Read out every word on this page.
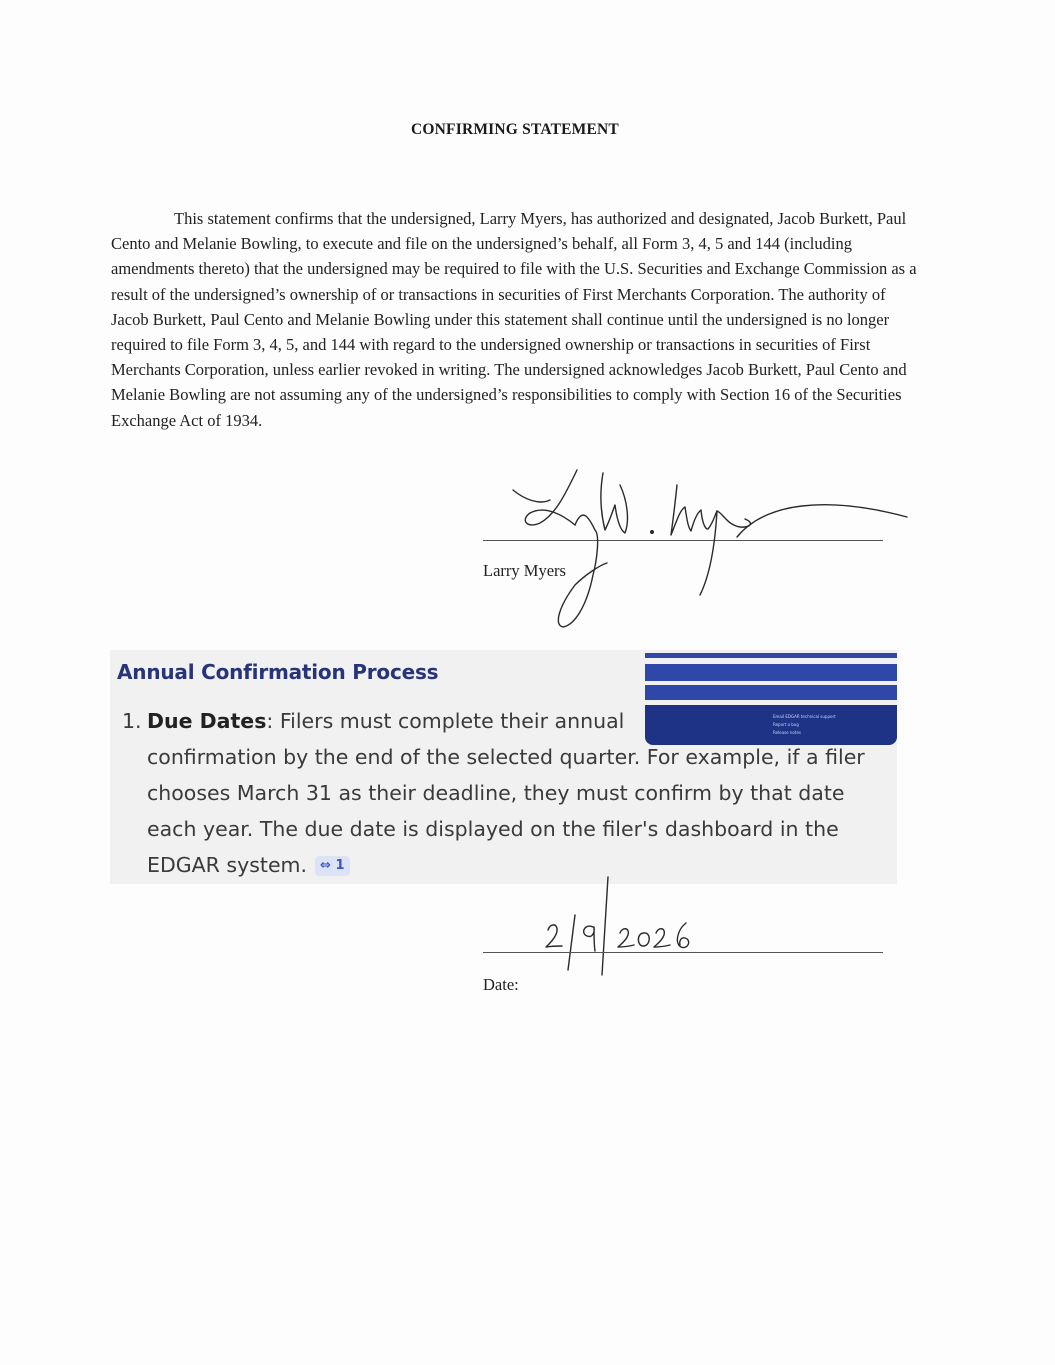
CONFIRMING STATEMENT

This statement confirms that the undersigned, Larry Myers, has authorized and designated, Jacob Burkett, Paul Cento and Melanie Bowling, to execute and file on the undersigned’s behalf, all Form 3, 4, 5 and 144 (including amendments thereto) that the undersigned may be required to file with the U.S. Securities and Exchange Commission as a result of the undersigned’s ownership of or transactions in securities of First Merchants Corporation. The authority of Jacob Burkett, Paul Cento and Melanie Bowling under this statement shall continue until the undersigned is no longer required to file Form 3, 4, 5, and 144 with regard to the undersigned ownership or transactions in securities of First Merchants Corporation, unless earlier revoked in writing. The undersigned acknowledges Jacob Burkett, Paul Cento and Melanie Bowling are not assuming any of the undersigned’s responsibilities to comply with Section 16 of the Securities Exchange Act of 1934.

Larry Myers
Email EDGAR technical support
Report a bug
Release notes
Annual Confirmation Process
1. Due Dates: Filers must complete their annual
confirmation by the end of the selected quarter. For example, if a filer chooses March 31 as their deadline, they must confirm by that date each year. The due date is displayed on the filer's dashboard in the EDGAR system. ⇔ 1
Date:
